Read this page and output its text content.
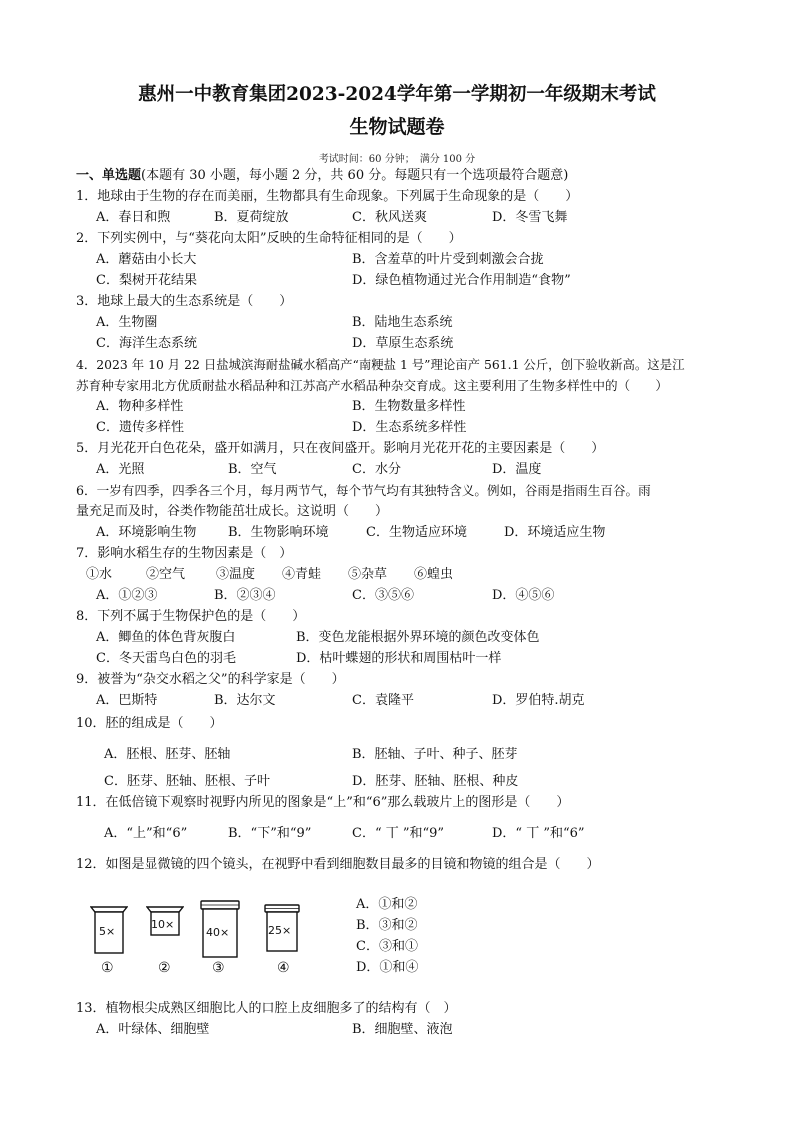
惠州一中教育集团2023-2024学年第一学期初一年级期末考试
生物试题卷
考试时间：60 分钟；　满分 100 分
一、单选题(本题有 30 小题，每小题 2 分，共 60 分。每题只有一个选项最符合题意)
1．地球由于生物的存在而美丽，生物都具有生命现象。下列属于生命现象的是（　　）
A．春日和煦	B．夏荷绽放	C．秋风送爽	D．冬雪飞舞
2．下列实例中，与“葵花向太阳”反映的生命特征相同的是（　　）
A．蘑菇由小长大	B．含羞草的叶片受到刺激会合拢
C．梨树开花结果	D．绿色植物通过光合作用制造“食物”
3．地球上最大的生态系统是（　　）
A．生物圈	B．陆地生态系统
C．海洋生态系统	D．草原生态系统
4．2023 年 10 月 22 日盐城滨海耐盐碱水稻高产“南粳盐 1 号”理论亩产 561.1 公斤，创下验收新高。这是江
苏育种专家用北方优质耐盐水稻品种和江苏高产水稻品种杂交育成。这主要利用了生物多样性中的（　　）
A．物种多样性	B．生物数量多样性
C．遗传多样性	D．生态系统多样性
5．月光花开白色花朵，盛开如满月，只在夜间盛开。影响月光花开花的主要因素是（　　）
A．光照	B．空气	C．水分	D．温度
6．一岁有四季，四季各三个月，每月两节气，每个节气均有其独特含义。例如，谷雨是指雨生百谷。雨
量充足而及时，谷类作物能茁壮成长。这说明（　　）
A．环境影响生物 B．生物影响环境	C．生物适应环境	D．环境适应生物
7．影响水稻生存的生物因素是（　）
①水	②空气 ③温度 ④青蛙 ⑤杂草 ⑥蝗虫
A．①②③	B．②③④	C．③⑤⑥	D．④⑤⑥
8．下列不属于生物保护色的是（　　）
A．鲫鱼的体色背灰腹白	B．变色龙能根据外界环境的颜色改变体色
C．冬天雷鸟白色的羽毛	D．枯叶蝶翅的形状和周围枯叶一样
9．被誉为“杂交水稻之父”的科学家是（　　）
A．巴斯特	B．达尔文	C．袁隆平	D．罗伯特.胡克
10．胚的组成是（　　）
A．胚根、胚芽、胚轴	B．胚轴、子叶、种子、胚芽
C．胚芽、胚轴、胚根、子叶	D．胚芽、胚轴、胚根、种皮
11．在低倍镜下观察时视野内所见的图象是“上”和“6”那么载玻片上的图形是（　　）
A．“上”和“6”	B．“下”和“9”	C．“ 丅 ”和“9”	D．“ 丅 ”和“6”
12．如图是显微镜的四个镜头，在视野中看到细胞数目最多的目镜和物镜的组合是（　　）
5×
①
10×
②
40×
③
25×
④
A．①和②
B．③和②
C．③和①
D．①和④
13．植物根尖成熟区细胞比人的口腔上皮细胞多了的结构有（　）
A．叶绿体、细胞壁	B．细胞壁、液泡
